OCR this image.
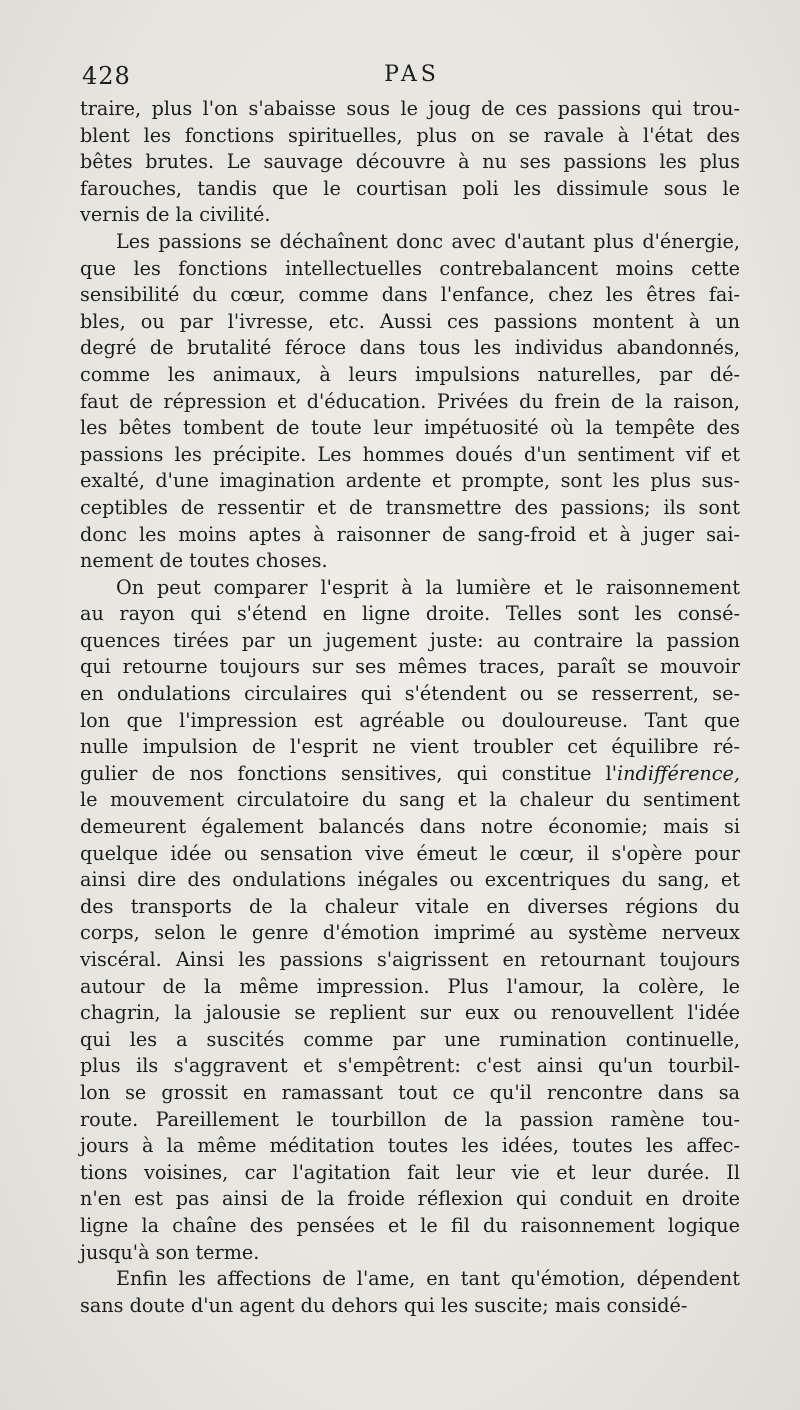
428	PAS
traire, plus l'on s'abaisse sous le joug de ces passions qui trou-
blent les fonctions spirituelles, plus on se ravale à l'état des
bêtes brutes. Le sauvage découvre à nu ses passions les plus
farouches, tandis que le courtisan poli les dissimule sous le
vernis de la civilité.
Les passions se déchaînent donc avec d'autant plus d'énergie,
que les fonctions intellectuelles contrebalancent moins cette
sensibilité du cœur, comme dans l'enfance, chez les êtres fai-
bles, ou par l'ivresse, etc. Aussi ces passions montent à un
degré de brutalité féroce dans tous les individus abandonnés,
comme les animaux, à leurs impulsions naturelles, par dé-
faut de répression et d'éducation. Privées du frein de la raison,
les bêtes tombent de toute leur impétuosité où la tempête des
passions les précipite. Les hommes doués d'un sentiment vif et
exalté, d'une imagination ardente et prompte, sont les plus sus-
ceptibles de ressentir et de transmettre des passions; ils sont
donc les moins aptes à raisonner de sang-froid et à juger sai-
nement de toutes choses.
On peut comparer l'esprit à la lumière et le raisonnement
au rayon qui s'étend en ligne droite. Telles sont les consé-
quences tirées par un jugement juste: au contraire la passion
qui retourne toujours sur ses mêmes traces, paraît se mouvoir
en ondulations circulaires qui s'étendent ou se resserrent, se-
lon que l'impression est agréable ou douloureuse. Tant que
nulle impulsion de l'esprit ne vient troubler cet équilibre ré-
gulier de nos fonctions sensitives, qui constitue l'indifférence,
le mouvement circulatoire du sang et la chaleur du sentiment
demeurent également balancés dans notre économie; mais si
quelque idée ou sensation vive émeut le cœur, il s'opère pour
ainsi dire des ondulations inégales ou excentriques du sang, et
des transports de la chaleur vitale en diverses régions du
corps, selon le genre d'émotion imprimé au système nerveux
viscéral. Ainsi les passions s'aigrissent en retournant toujours
autour de la même impression. Plus l'amour, la colère, le
chagrin, la jalousie se replient sur eux ou renouvellent l'idée
qui les a suscités comme par une rumination continuelle,
plus ils s'aggravent et s'empêtrent: c'est ainsi qu'un tourbil-
lon se grossit en ramassant tout ce qu'il rencontre dans sa
route. Pareillement le tourbillon de la passion ramène tou-
jours à la même méditation toutes les idées, toutes les affec-
tions voisines, car l'agitation fait leur vie et leur durée. Il
n'en est pas ainsi de la froide réflexion qui conduit en droite
ligne la chaîne des pensées et le fil du raisonnement logique
jusqu'à son terme.
Enfin les affections de l'ame, en tant qu'émotion, dépendent
sans doute d'un agent du dehors qui les suscite; mais considé-
